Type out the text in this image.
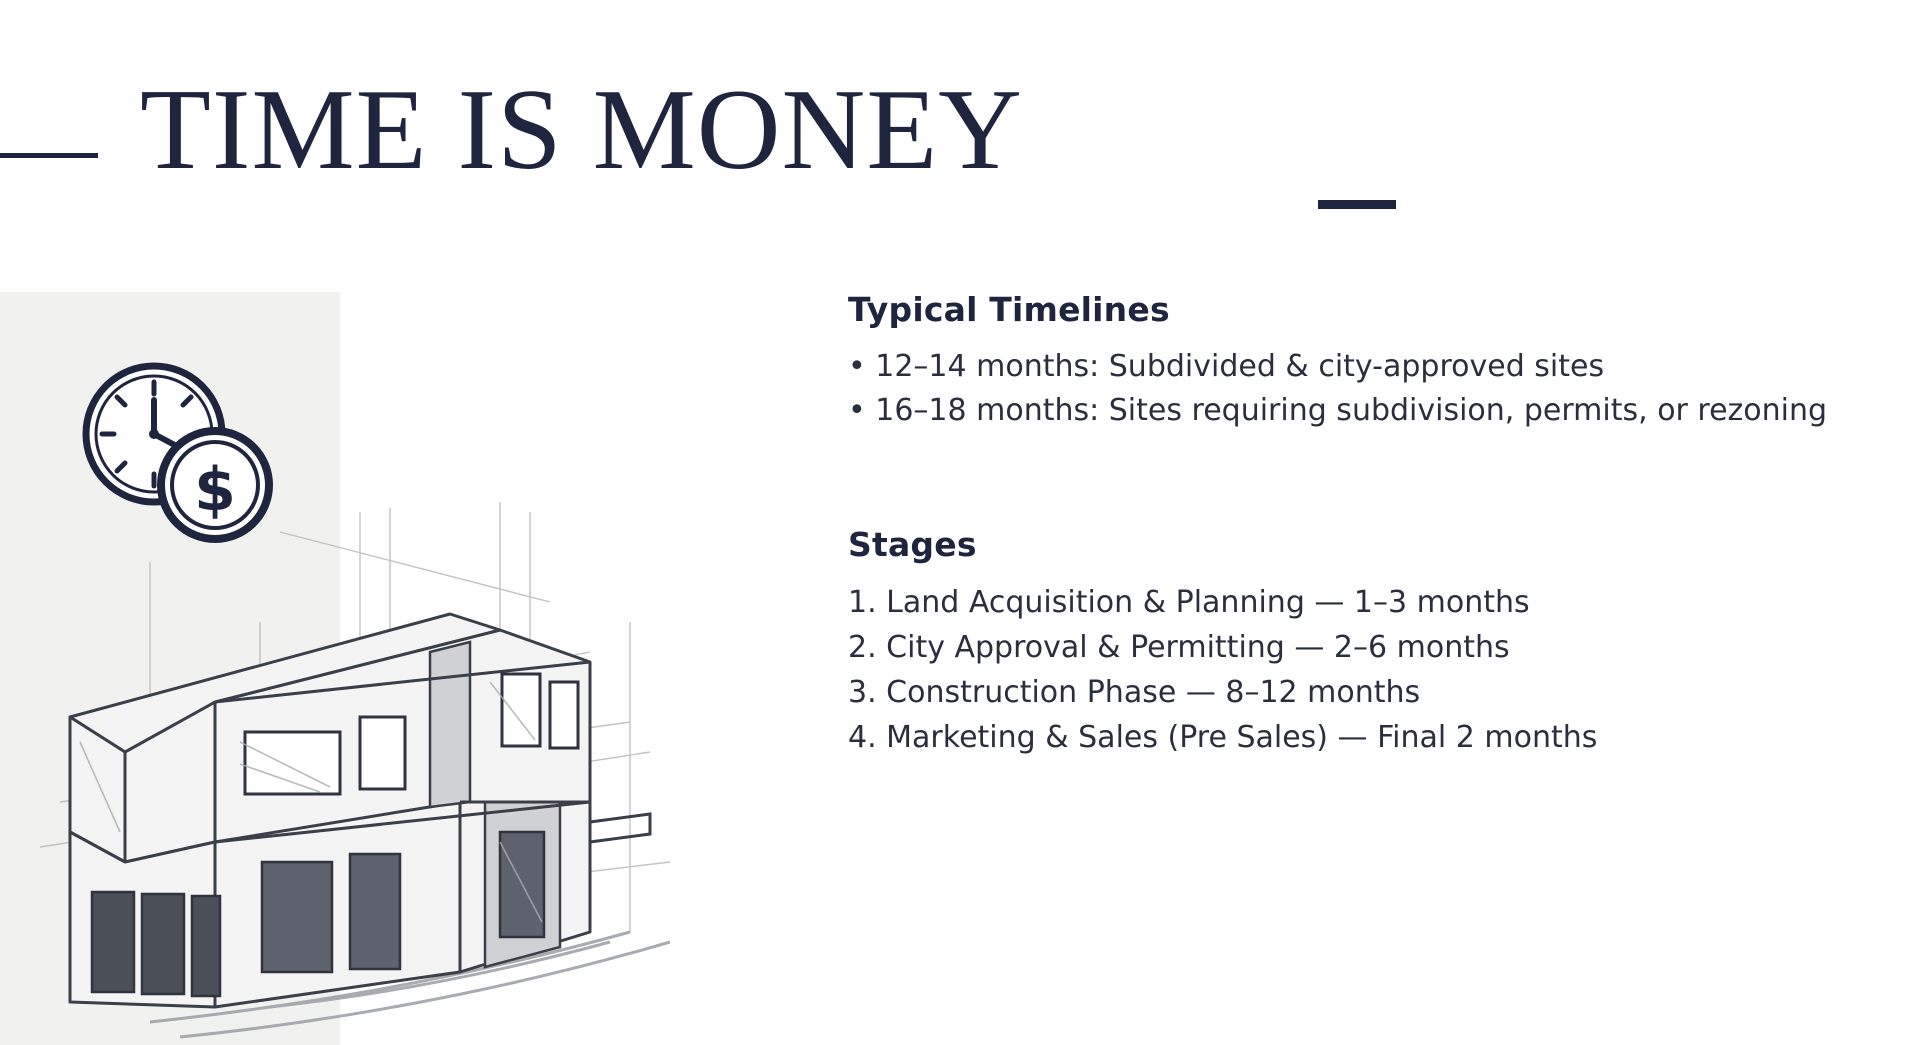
TIME IS MONEY
$
Typical Timelines
• 12–14 months: Subdivided & city-approved sites
• 16–18 months: Sites requiring subdivision, permits, or rezoning
Stages
1. Land Acquisition & Planning — 1–3 months
2. City Approval & Permitting — 2–6 months
3. Construction Phase — 8–12 months
4. Marketing & Sales (Pre Sales) — Final 2 months
